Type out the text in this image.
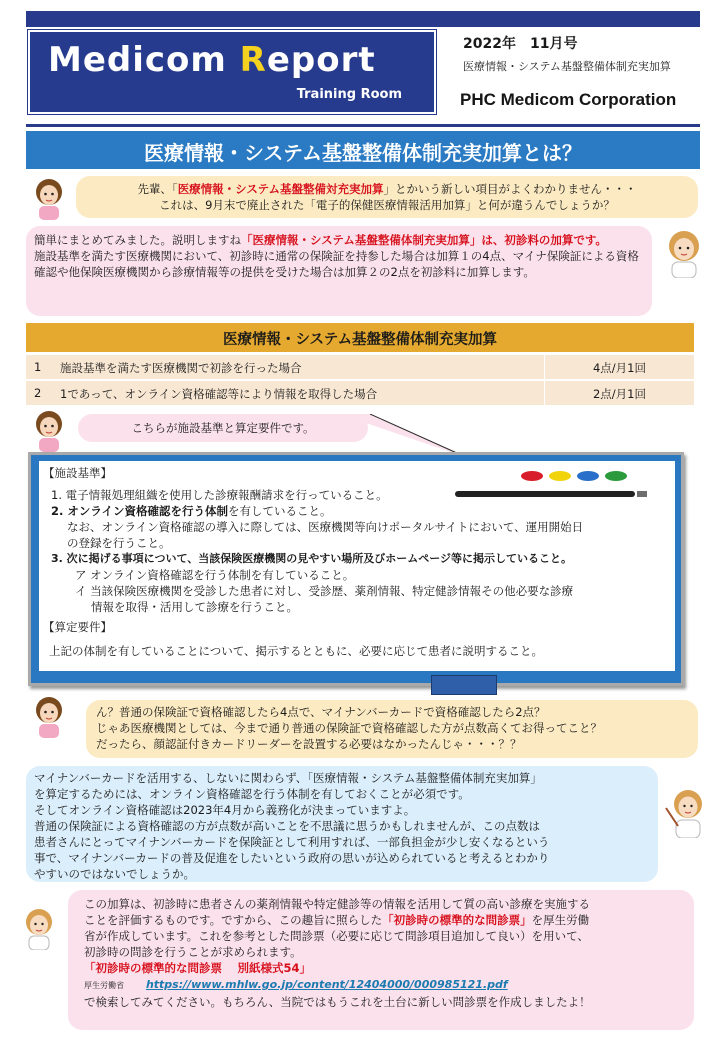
Medicom Report
Training Room
2022年　11月号
医療情報・システム基盤整備体制充実加算
PHC Medicom Corporation
医療情報・システム基盤整備体制充実加算とは？
先輩、「医療情報・システム基盤整備対充実加算」とかいう新しい項目がよくわかりません・・・
これは、9月末で廃止された「電子的保健医療情報活用加算」と何が違うんでしょうか？
簡単にまとめてみました。説明しますね「医療情報・システム基盤整備体制充実加算」は、初診料の加算です。
施設基準を満たす医療機関において、初診時に通常の保険証を持参した場合は加算１の4点、マイナ保険証による資格確認や他保険医療機関から診療情報等の提供を受けた場合は加算２の2点を初診料に加算します。
医療情報・システム基盤整備体制充実加算
1 施設基準を満たす医療機関で初診を行った場合	4点/月1回
2 1であって、オンライン資格確認等により情報を取得した場合	2点/月1回
こちらが施設基準と算定要件です。
【施設基準】
1. 電子情報処理組織を使用した診療報酬請求を行っていること。
2. オンライン資格確認を行う体制を有していること。
なお、オンライン資格確認の導入に際しては、医療機関等向けポータルサイトにおいて、運用開始日
の登録を行うこと。
3. 次に掲げる事項について、当該保険医療機関の見やすい場所及びホームページ等に掲示していること。
ア オンライン資格確認を行う体制を有していること。
イ 当該保険医療機関を受診した患者に対し、受診歴、薬剤情報、特定健診情報その他必要な診療
情報を取得・活用して診療を行うこと。
【算定要件】
上記の体制を有していることについて、掲示するとともに、必要に応じて患者に説明すること。
ん？普通の保険証で資格確認したら4点で、マイナンバーカードで資格確認したら2点？
じゃあ医療機関としては、今まで通り普通の保険証で資格確認した方が点数高くてお得ってこと？
だったら、顔認証付きカードリーダーを設置する必要はなかったんじゃ・・・？？
マイナンバーカードを活用する、しないに関わらず、「医療情報・システム基盤整備体制充実加算」
を算定するためには、オンライン資格確認を行う体制を有しておくことが必須です。
そしてオンライン資格確認は2023年4月から義務化が決まっていますよ。
普通の保険証による資格確認の方が点数が高いことを不思議に思うかもしれませんが、この点数は
患者さんにとってマイナンバーカードを保険証として利用すれば、一部負担金が少し安くなるという
事で、マイナンバーカードの普及促進をしたいという政府の思いが込められていると考えるとわかり
やすいのではないでしょうか。
この加算は、初診時に患者さんの薬剤情報や特定健診等の情報を活用して質の高い診療を実施する
ことを評価するものです。ですから、この趣旨に照らした「初診時の標準的な問診票」を厚生労働
省が作成しています。これを参考とした問診票（必要に応じて問診項目追加して良い）を用いて、
初診時の問診を行うことが求められます。
「初診時の標準的な問診票　 別紙様式54」
厚生労働省 https://www.mhlw.go.jp/content/12404000/000985121.pdf
で検索してみてください。もちろん、当院ではもうこれを土台に新しい問診票を作成しましたよ！
